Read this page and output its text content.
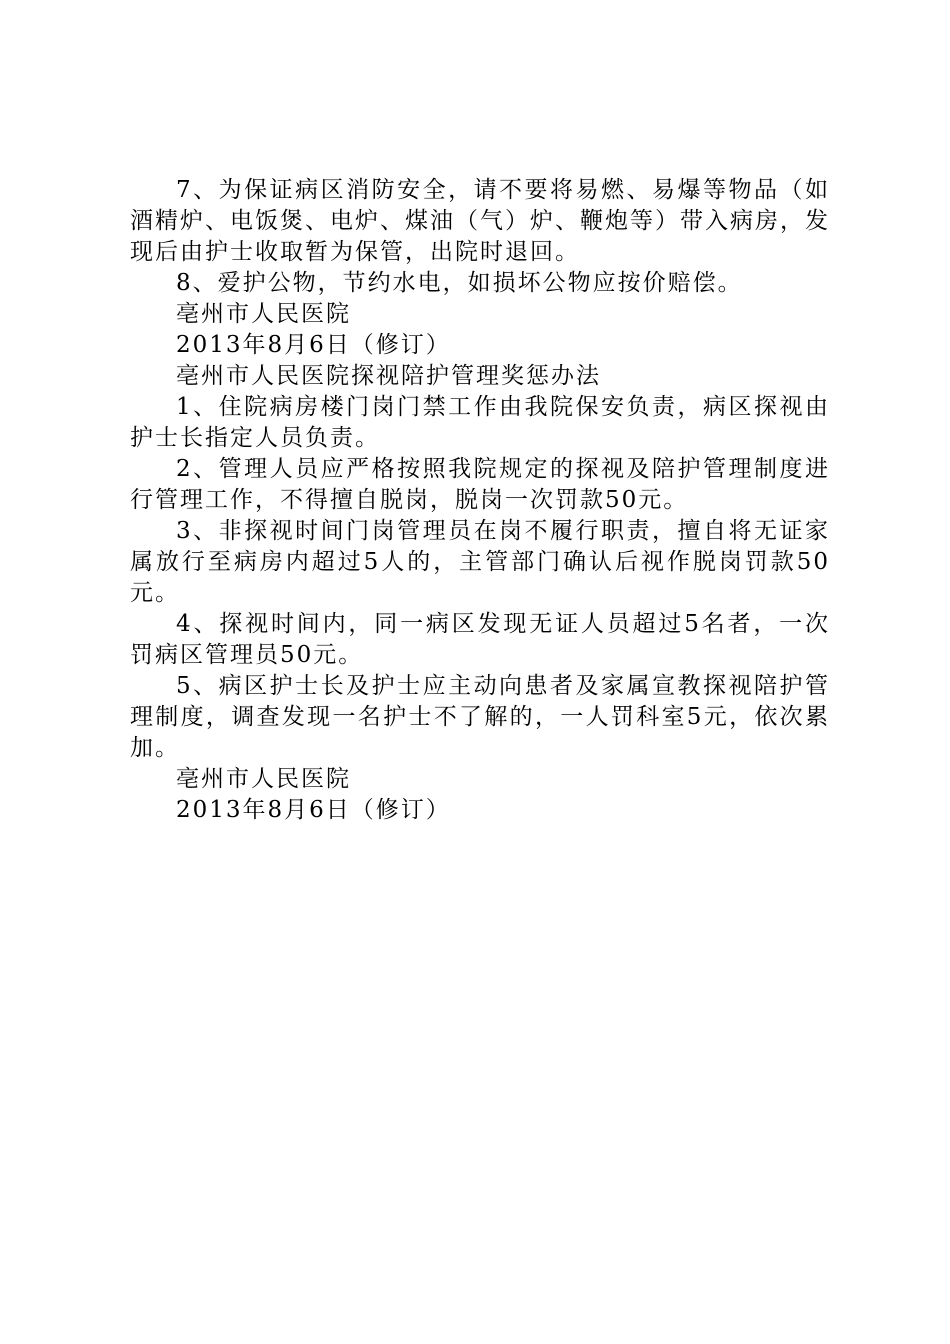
7、为保证病区消防安全，请不要将易燃、易爆等物品（如酒精炉、电饭煲、电炉、煤油（气）炉、鞭炮等）带入病房，发现后由护士收取暂为保管，出院时退回。

8、爱护公物，节约水电，如损坏公物应按价赔偿。

亳州市人民医院

2013年8月6日（修订）

亳州市人民医院探视陪护管理奖惩办法

1、住院病房楼门岗门禁工作由我院保安负责，病区探视由护士长指定人员负责。

2、管理人员应严格按照我院规定的探视及陪护管理制度进行管理工作，不得擅自脱岗，脱岗一次罚款50元。

3、非探视时间门岗管理员在岗不履行职责，擅自将无证家属放行至病房内超过5人的，主管部门确认后视作脱岗罚款50元。

4、探视时间内，同一病区发现无证人员超过5名者，一次罚病区管理员50元。

5、病区护士长及护士应主动向患者及家属宣教探视陪护管理制度，调查发现一名护士不了解的，一人罚科室5元，依次累加。

亳州市人民医院

2013年8月6日（修订）
